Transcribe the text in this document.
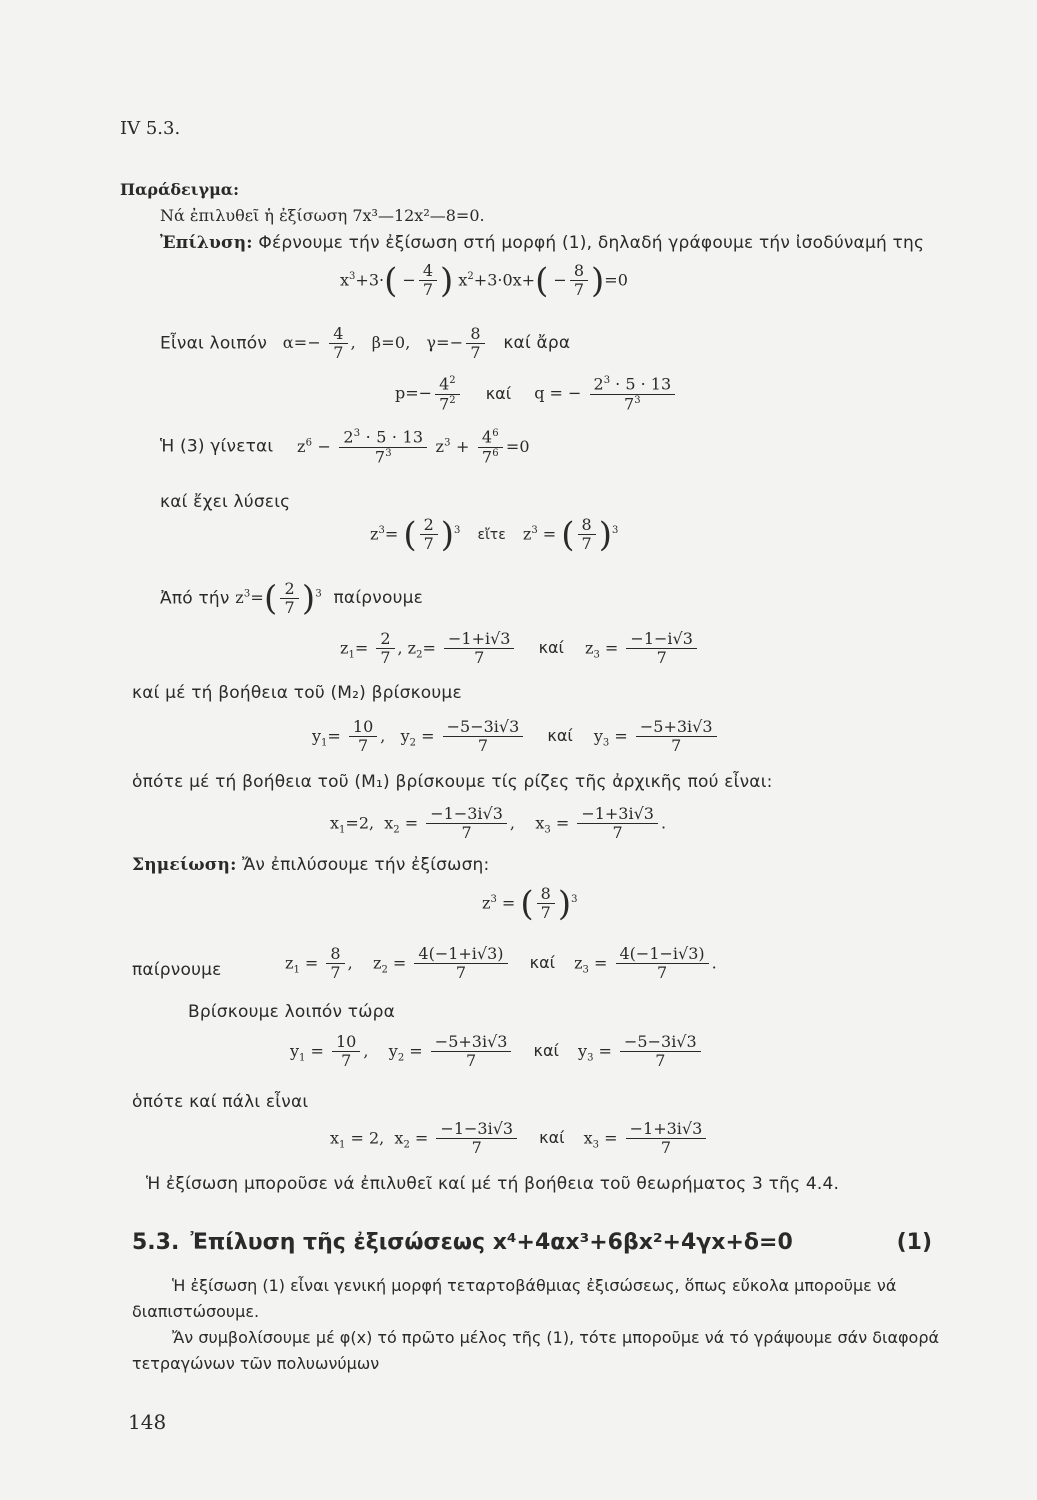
IV 5.3.
Παράδειγμα:
Νά ἐπιλυθεῖ ἡ ἐξίσωση 7x³—12x²—8=0.
Ἐπίλυση: Φέρνουμε τήν ἐξίσωση στή μορφή (1), δηλαδή γράφουμε τήν ἰσοδύναμή της
$x^3+3\cdot( - \frac{4}{7}$ ) $x^2+3\cdot 0x+( - \frac{8}{7} )=0$
Εἶναι λοιπόν $\alpha=- \frac{4}{7}$ ,   β=0,   $\gamma=- \frac{8}{7}$ καί ἄρα
$p=- \frac{4^2}{7^2}$ καί q = − $\frac{2^3 \cdot 5 \cdot 13}{7^3}$
Ἡ (3) γίνεται $z^6 - \frac{2^3 \cdot 5 \cdot 13}{7^3} z^3 + \frac{4^6}{7^6} =0$
καί ἔχει λύσεις
$z^3=$ ( $\frac{2}{7} )^3$ εἴτε $z^3$ = ( $\frac{8}{7} )^3$
Ἀπό τήν $z^3=( \frac{2}{7} )^3$ παίρνουμε
$z_1= \frac{2}{7}$ , $z_2= \frac{-1+i√3}{7}$ καί $z_3 = \frac{-1-i√3}{7}$
καί μέ τή βοήθεια τοῦ (M₂) βρίσκουμε
$y_1= \frac{10}{7}$ ,   $y_2 = \frac{-5-3i√3}{7}$ καί $y_3 = \frac{-5+3i√3}{7}$
ὁπότε μέ τή βοήθεια τοῦ (M₁) βρίσκουμε τίς ρίζες τῆς ἀρχικῆς πού εἶναι:
$x_1=2$,  $x_2 = \frac{-1-3i√3}{7}$ ,    $x_3 = \frac{-1+3i√3}{7}$ .
Σημείωση: Ἄν ἐπιλύσουμε τήν ἐξίσωση:
$z^3$ = ( $\frac{8}{7} )^3$
παίρνουμε	$z_1 = \frac{8}{7}$ ,    $z_2 = \frac{4(-1+i√3)}{7}$ καί $z_3 = \frac{4(-1-i√3)}{7}$ .
Βρίσκουμε λοιπόν τώρα
$y_1 = \frac{10}{7}$ ,    $y_2 = \frac{-5+3i√3}{7}$ καί $y_3 = \frac{-5-3i√3}{7}$
ὁπότε καί πάλι εἶναι
$x_1 = 2$,  $x_2 = \frac{-1-3i√3}{7}$ καί $x_3 = \frac{-1+3i√3}{7}$
Ἡ ἐξίσωση μποροῦσε νά ἐπιλυθεῖ καί μέ τή βοήθεια τοῦ θεωρήματος 3 τῆς 4.4.
5.3. Ἐπίλυση τῆς ἐξισώσεως x⁴+4αx³+6βx²+4γx+δ=0	(1)
Ἡ ἐξίσωση (1) εἶναι γενική μορφή τεταρτοβάθμιας ἐξισώσεως, ὅπως εὔκολα μποροῦμε νά διαπιστώσουμε.
Ἄν συμβολίσουμε μέ φ(x) τό πρῶτο μέλος τῆς (1), τότε μποροῦμε νά τό γράψουμε σάν διαφορά τετραγώνων τῶν πολυωνύμων
148
